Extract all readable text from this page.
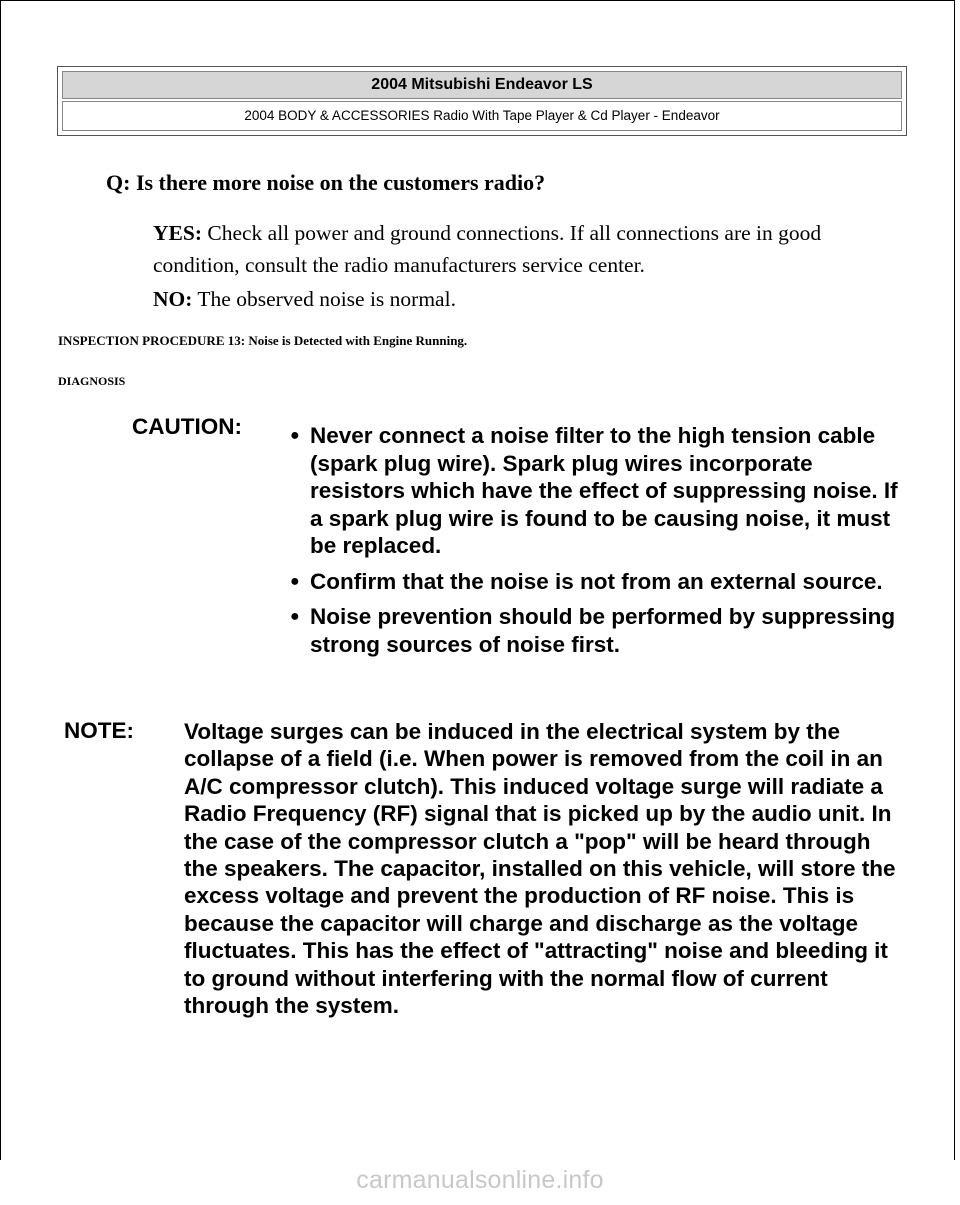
2004 Mitsubishi Endeavor LS
2004 BODY & ACCESSORIES Radio With Tape Player & Cd Player - Endeavor
Q: Is there more noise on the customers radio?
YES: Check all power and ground connections. If all connections are in good condition, consult the radio manufacturers service center.
NO: The observed noise is normal.
INSPECTION PROCEDURE 13: Noise is Detected with Engine Running.
DIAGNOSIS
CAUTION:	● Never connect a noise filter to the high tension cable (spark plug wire). Spark plug wires incorporate resistors which have the effect of suppressing noise. If a spark plug wire is found to be causing noise, it must be replaced.
● Confirm that the noise is not from an external source.
● Noise prevention should be performed by suppressing strong sources of noise first.
NOTE: Voltage surges can be induced in the electrical system by the collapse of a field (i.e. When power is removed from the coil in an A/C compressor clutch). This induced voltage surge will radiate a Radio Frequency (RF) signal that is picked up by the audio unit. In the case of the compressor clutch a "pop" will be heard through the speakers. The capacitor, installed on this vehicle, will store the excess voltage and prevent the production of RF noise. This is because the capacitor will charge and discharge as the voltage fluctuates. This has the effect of "attracting" noise and bleeding it to ground without interfering with the normal flow of current through the system.
carmanualsonline.info
